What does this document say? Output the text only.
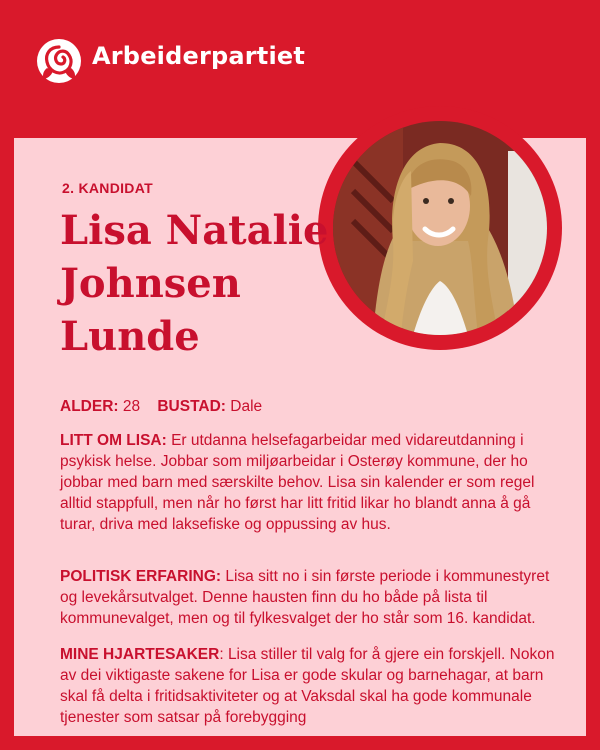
Arbeiderpartiet
2. KANDIDAT
Lisa Natalie
Johnsen
Lunde
ALDER: 28 BUSTAD: Dale
LITT OM LISA: Er utdanna helsefagarbeidar med vidareutdanning i psykisk helse. Jobbar som miljøarbeidar i Osterøy kommune, der ho jobbar med barn med særskilte behov. Lisa sin kalender er som regel alltid stappfull, men når ho først har litt fritid likar ho blandt anna å gå turar, driva med laksefiske og oppussing av hus.
POLITISK ERFARING: Lisa sitt no i sin første periode i kommunestyret og levekårsutvalget. Denne hausten finn du ho både på lista til kommunevalget, men og til fylkesvalget der ho står som 16. kandidat.
MINE HJARTESAKER: Lisa stiller til valg for å gjere ein forskjell. Nokon av dei viktigaste sakene for Lisa er gode skular og barnehagar, at barn skal få delta i fritidsaktiviteter og at Vaksdal skal ha gode kommunale tjenester som satsar på forebygging
